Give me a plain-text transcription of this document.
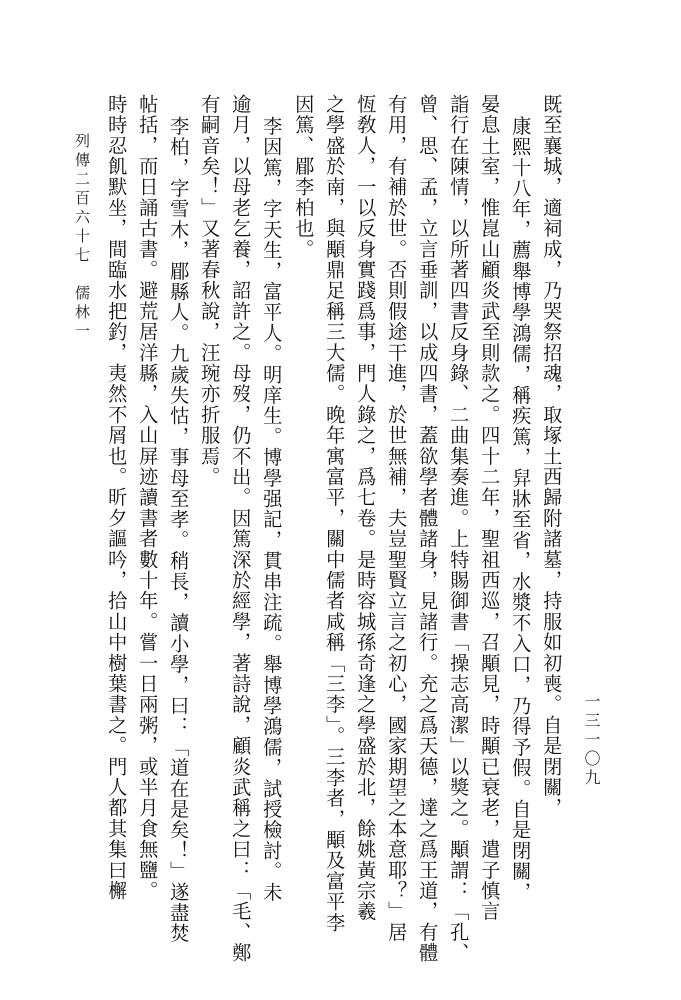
既至襄城，適祠成，乃哭祭招魂，取塚土西歸附諸墓，持服如初喪。自是閉關，
康熙十八年，薦舉博學鴻儒，稱疾篤，舁牀至省，水漿不入口，乃得予假。自是閉關，
晏息土室，惟崑山顧炎武至則款之。四十二年，聖祖西巡，召顒見，時顒已衰老，遣子慎言
詣行在陳情，以所著四書反身錄、二曲集奏進。上特賜御書「操志高潔」以獎之。顒謂：「孔、
曾、思、孟，立言垂訓，以成四書，蓋欲學者體諸身，見諸行。充之爲天德，達之爲王道，有體
有用，有補於世。否則假途干進，於世無補，夫豈聖賢立言之初心，國家期望之本意耶？」居
恆敎人，一以反身實踐爲事，門人錄之，爲七卷。是時容城孫奇逢之學盛於北，餘姚黃宗羲
之學盛於南，與顒鼎足稱三大儒。晚年寓富平，關中儒者咸稱「三李」。三李者，顒及富平李
因篤、郿李柏也。
李因篤，字天生，富平人。明庠生。博學强記，貫串注疏。舉博學鴻儒，試授檢討。未
逾月，以母老乞養，詔許之。母歿，仍不出。因篤深於經學，著詩說，顧炎武稱之曰：「毛、鄭
有嗣音矣！」又著春秋說，汪琬亦折服焉。
李柏，字雪木，郿縣人。九歲失怙，事母至孝。稍長，讀小學，曰：「道在是矣！」遂盡焚
帖括，而日誦古書。避荒居洋縣，入山屏迹讀書者數十年。嘗一日兩粥，或半月食無鹽。
時時忍飢默坐，間臨水把釣，夷然不屑也。昕夕謳吟，拾山中樹葉書之。門人都其集曰檞
列傳二百六十七　儒林一
一三一〇九
